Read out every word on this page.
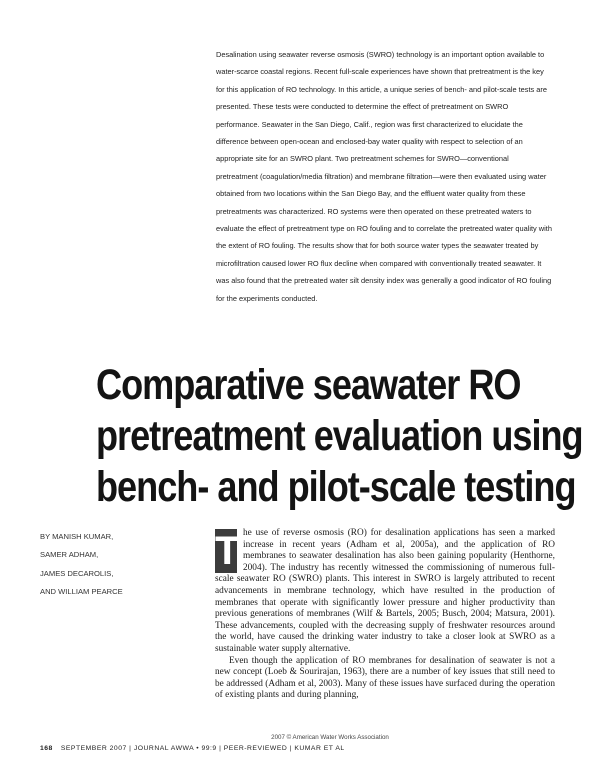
Desalination using seawater reverse osmosis (SWRO) technology is an important option available to water-scarce coastal regions. Recent full-scale experiences have shown that pretreatment is the key for this application of RO technology. In this article, a unique series of bench- and pilot-scale tests are presented. These tests were conducted to determine the effect of pretreatment on SWRO performance. Seawater in the San Diego, Calif., region was first characterized to elucidate the difference between open-ocean and enclosed-bay water quality with respect to selection of an appropriate site for an SWRO plant. Two pretreatment schemes for SWRO—conventional pretreatment (coagulation/media filtration) and membrane filtration—were then evaluated using water obtained from two locations within the San Diego Bay, and the effluent water quality from these pretreatments was characterized. RO systems were then operated on these pretreated waters to evaluate the effect of pretreatment type on RO fouling and to correlate the pretreated water quality with the extent of RO fouling. The results show that for both source water types the seawater treated by microfiltration caused lower RO flux decline when compared with conventionally treated seawater. It was also found that the pretreated water silt density index was generally a good indicator of RO fouling for the experiments conducted.

Comparative seawater RO
pretreatment evaluation using
bench- and pilot-scale testing
BY MANISH KUMAR,
SAMER ADHAM,
JAMES DECAROLIS,
AND WILLIAM PEARCE

T he use of reverse osmosis (RO) for desalination applications has seen a marked increase in recent years (Adham et al, 2005a), and the application of RO membranes to seawater desalination has also been gaining popularity (Henthorne, 2004). The industry has recently witnessed the commissioning of numerous full-scale seawater RO (SWRO) plants. This interest in SWRO is largely attributed to recent advancements in membrane technology, which have resulted in the production of membranes that operate with significantly lower pressure and higher productivity than previous generations of membranes (Wilf & Bartels, 2005; Busch, 2004; Matsura, 2001). These advancements, coupled with the decreasing supply of freshwater resources around the world, have caused the drinking water industry to take a closer look at SWRO as a sustainable water supply alternative.

Even though the application of RO membranes for desalination of seawater is not a new concept (Loeb & Sourirajan, 1963), there are a number of key issues that still need to be addressed (Adham et al, 2003). Many of these issues have surfaced during the operation of existing plants and during planning,

2007 © American Water Works Association
168 SEPTEMBER 2007 | JOURNAL AWWA • 99:9 | PEER-REVIEWED | KUMAR ET AL
